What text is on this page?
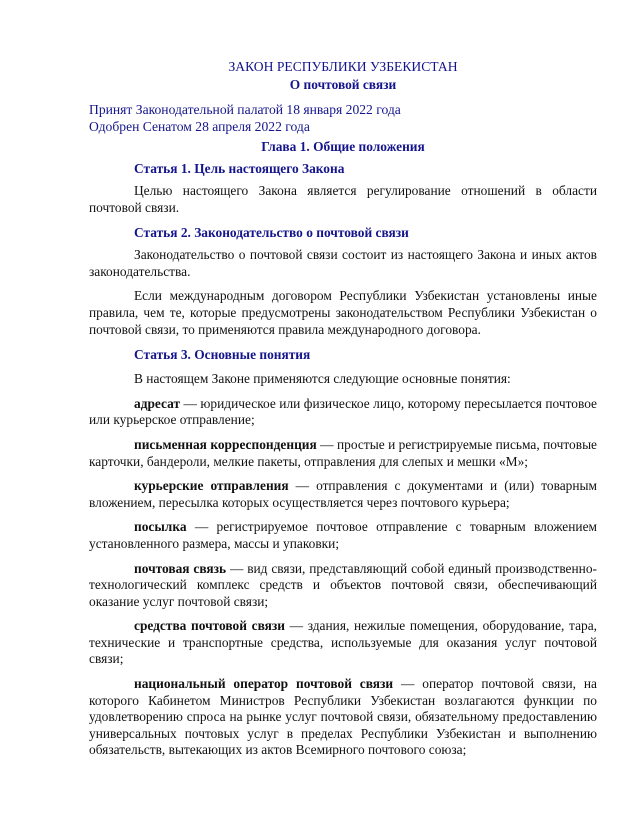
ЗАКОН РЕСПУБЛИКИ УЗБЕКИСТАН
О почтовой связи
Принят Законодательной палатой 18 января 2022 года
Одобрен Сенатом 28 апреля 2022 года
Глава 1. Общие положения
Статья 1. Цель настоящего Закона

Целью настоящего Закона является регулирование отношений в области почтовой связи.

Статья 2. Законодательство о почтовой связи

Законодательство о почтовой связи состоит из настоящего Закона и иных актов законодательства.

Если международным договором Республики Узбекистан установлены иные правила, чем те, которые предусмотрены законодательством Республики Узбекистан о почтовой связи, то применяются правила международного договора.

Статья 3. Основные понятия

В настоящем Законе применяются следующие основные понятия:

адресат — юридическое или физическое лицо, которому пересылается почтовое или курьерское отправление;

письменная корреспонденция — простые и регистрируемые письма, почтовые карточки, бандероли, мелкие пакеты, отправления для слепых и мешки «М»;

курьерские отправления — отправления с документами и (или) товарным вложением, пересылка которых осуществляется через почтового курьера;

посылка — регистрируемое почтовое отправление с товарным вложением установленного размера, массы и упаковки;

почтовая связь — вид связи, представляющий собой единый производственно-технологический комплекс средств и объектов почтовой связи, обеспечивающий оказание услуг почтовой связи;

средства почтовой связи — здания, нежилые помещения, оборудование, тара, технические и транспортные средства, используемые для оказания услуг почтовой связи;

национальный оператор почтовой связи — оператор почтовой связи, на которого Кабинетом Министров Республики Узбекистан возлагаются функции по удовлетворению спроса на рынке услуг почтовой связи, обязательному предоставлению универсальных почтовых услуг в пределах Республики Узбекистан и выполнению обязательств, вытекающих из актов Всемирного почтового союза;
